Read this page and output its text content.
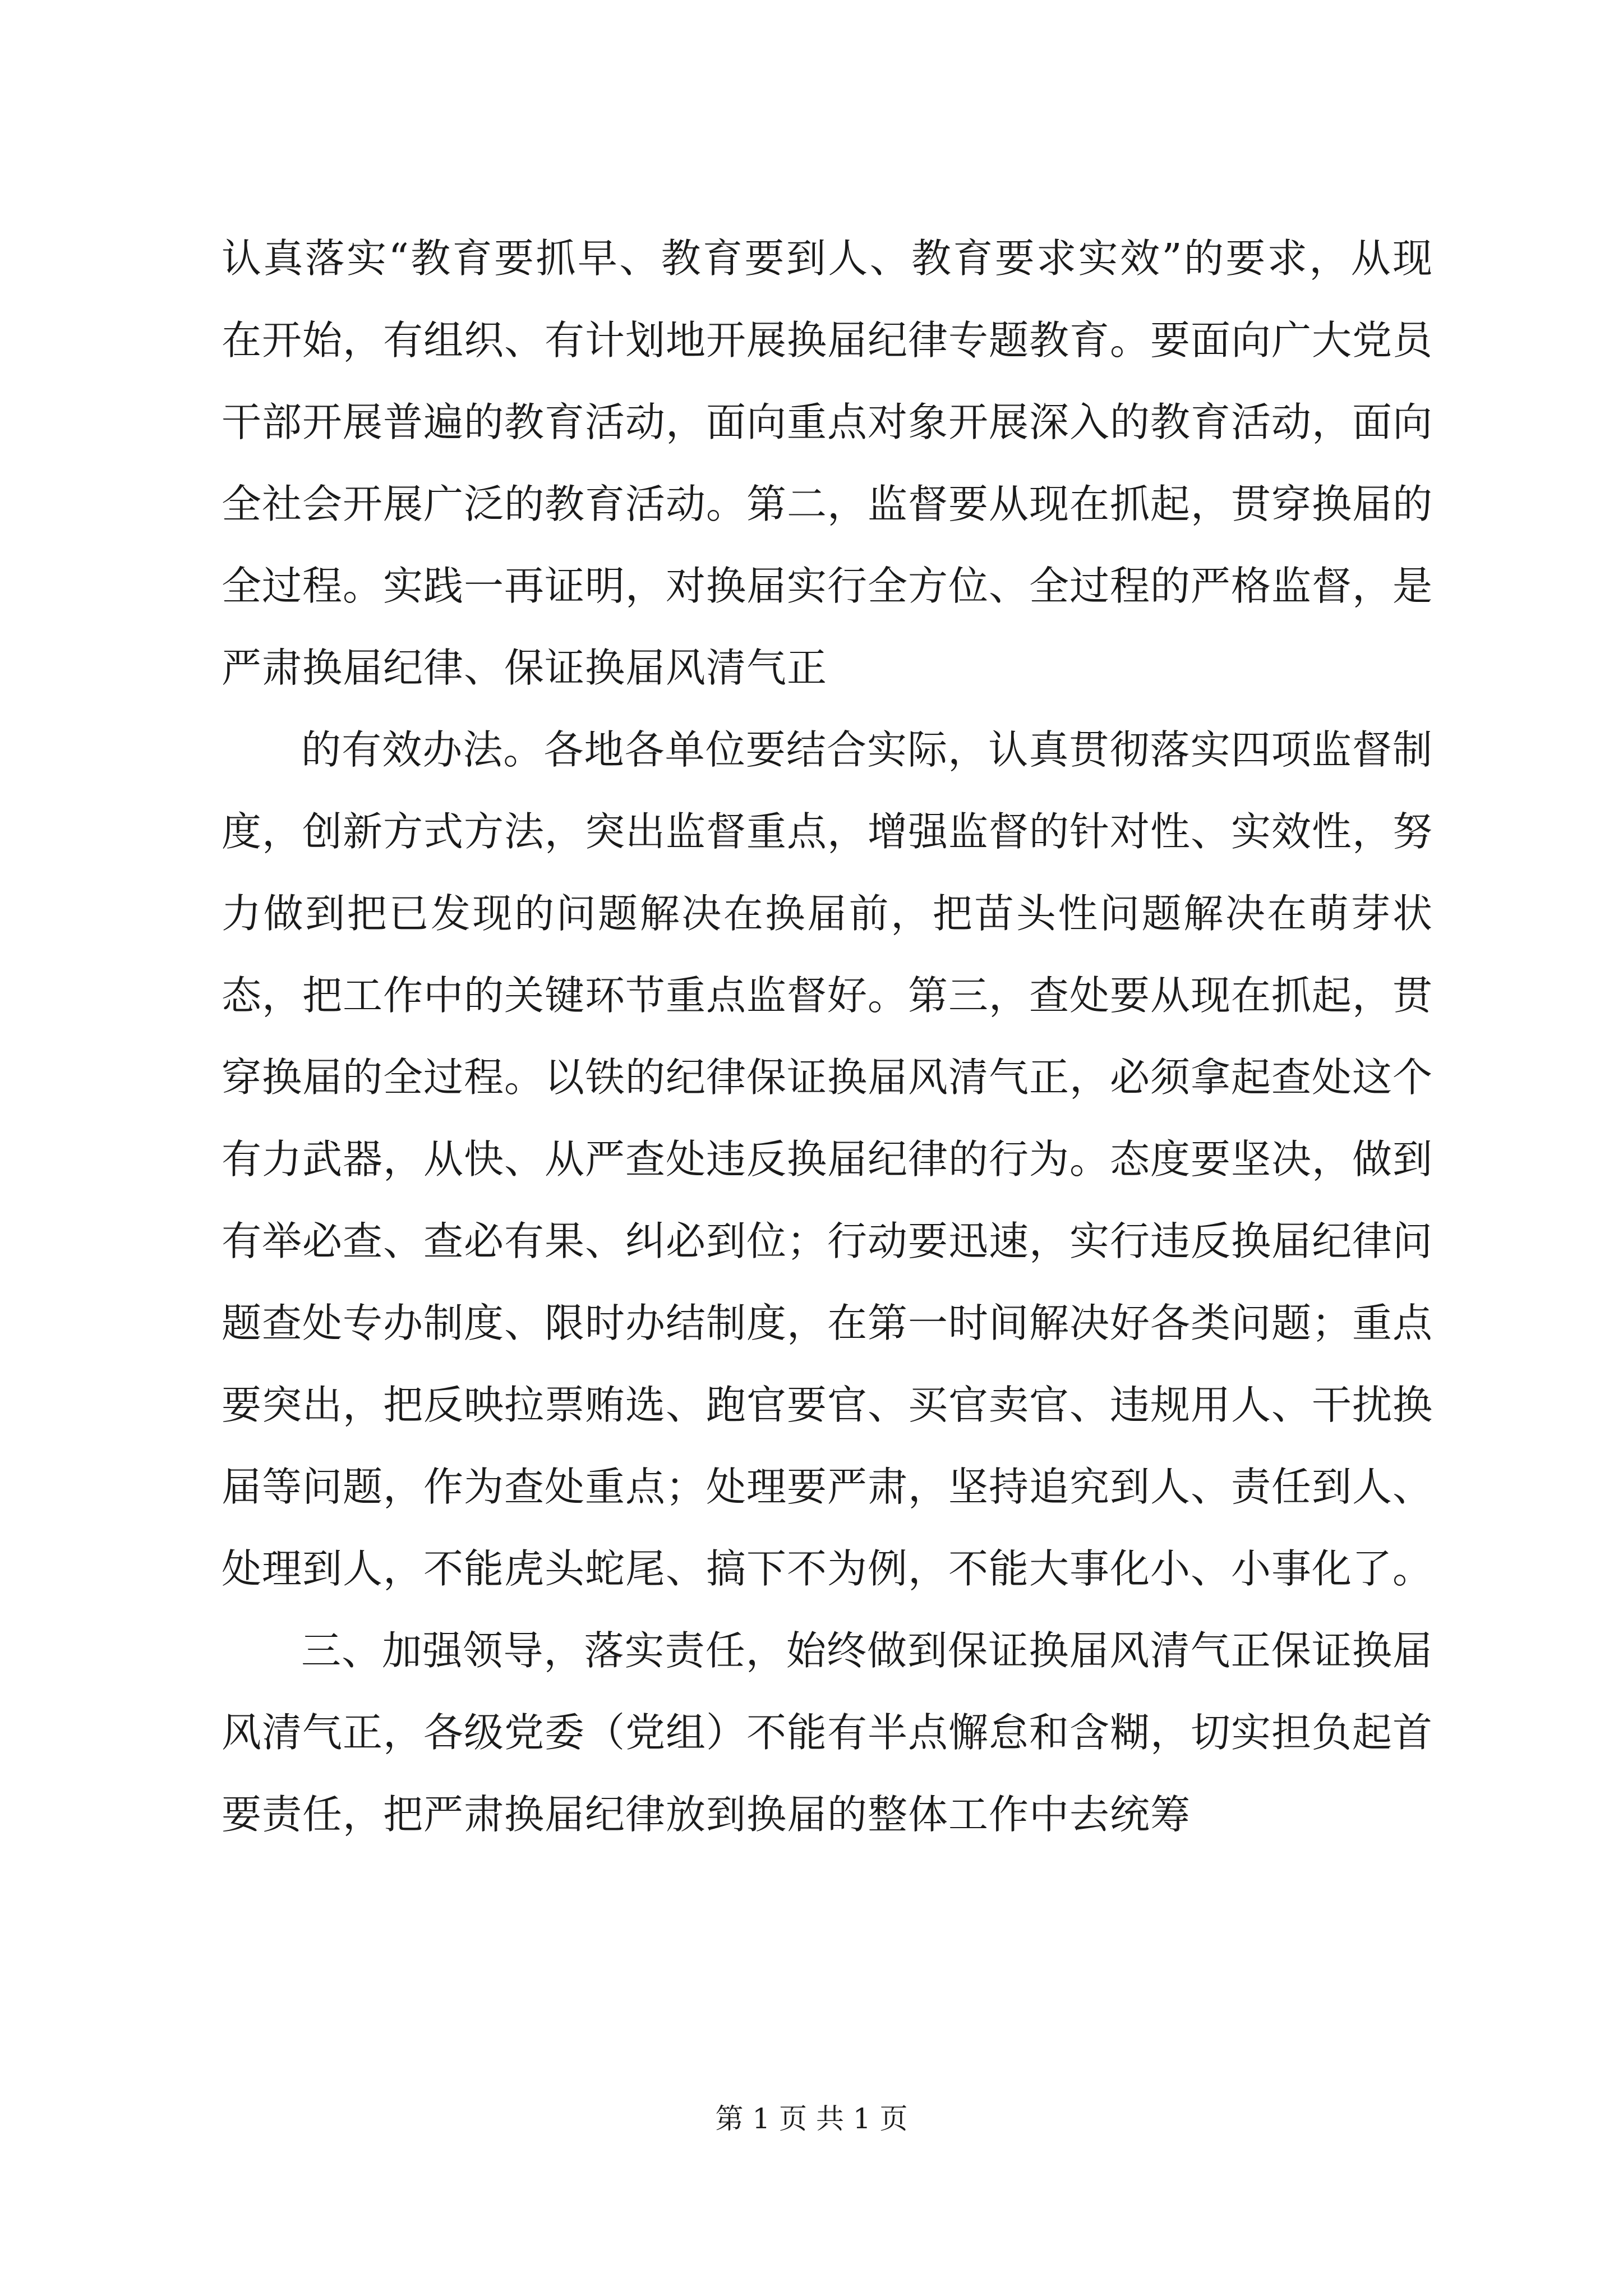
认真落实“教育要抓早、教育要到人、教育要求实效”的要求，从现在开始，有组织、有计划地开展换届纪律专题教育。要面向广大党员干部开展普遍的教育活动，面向重点对象开展深入的教育活动，面向全社会开展广泛的教育活动。第二，监督要从现在抓起，贯穿换届的全过程。实践一再证明，对换届实行全方位、全过程的严格监督，是严肃换届纪律、保证换届风清气正

的有效办法。各地各单位要结合实际，认真贯彻落实四项监督制度，创新方式方法，突出监督重点，增强监督的针对性、实效性，努力做到把已发现的问题解决在换届前，把苗头性问题解决在萌芽状态，把工作中的关键环节重点监督好。第三，查处要从现在抓起，贯穿换届的全过程。以铁的纪律保证换届风清气正，必须拿起查处这个有力武器，从快、从严查处违反换届纪律的行为。态度要坚决，做到有举必查、查必有果、纠必到位；行动要迅速，实行违反换届纪律问题查处专办制度、限时办结制度，在第一时间解决好各类问题；重点要突出，把反映拉票贿选、跑官要官、买官卖官、违规用人、干扰换届等问题，作为查处重点；处理要严肃，坚持追究到人、责任到人、处理到人，不能虎头蛇尾、搞下不为例，不能大事化小、小事化了。

三、加强领导，落实责任，始终做到保证换届风清气正保证换届风清气正，各级党委（党组）不能有半点懈怠和含糊，切实担负起首要责任，把严肃换届纪律放到换届的整体工作中去统筹

第 1 页 共 1 页
